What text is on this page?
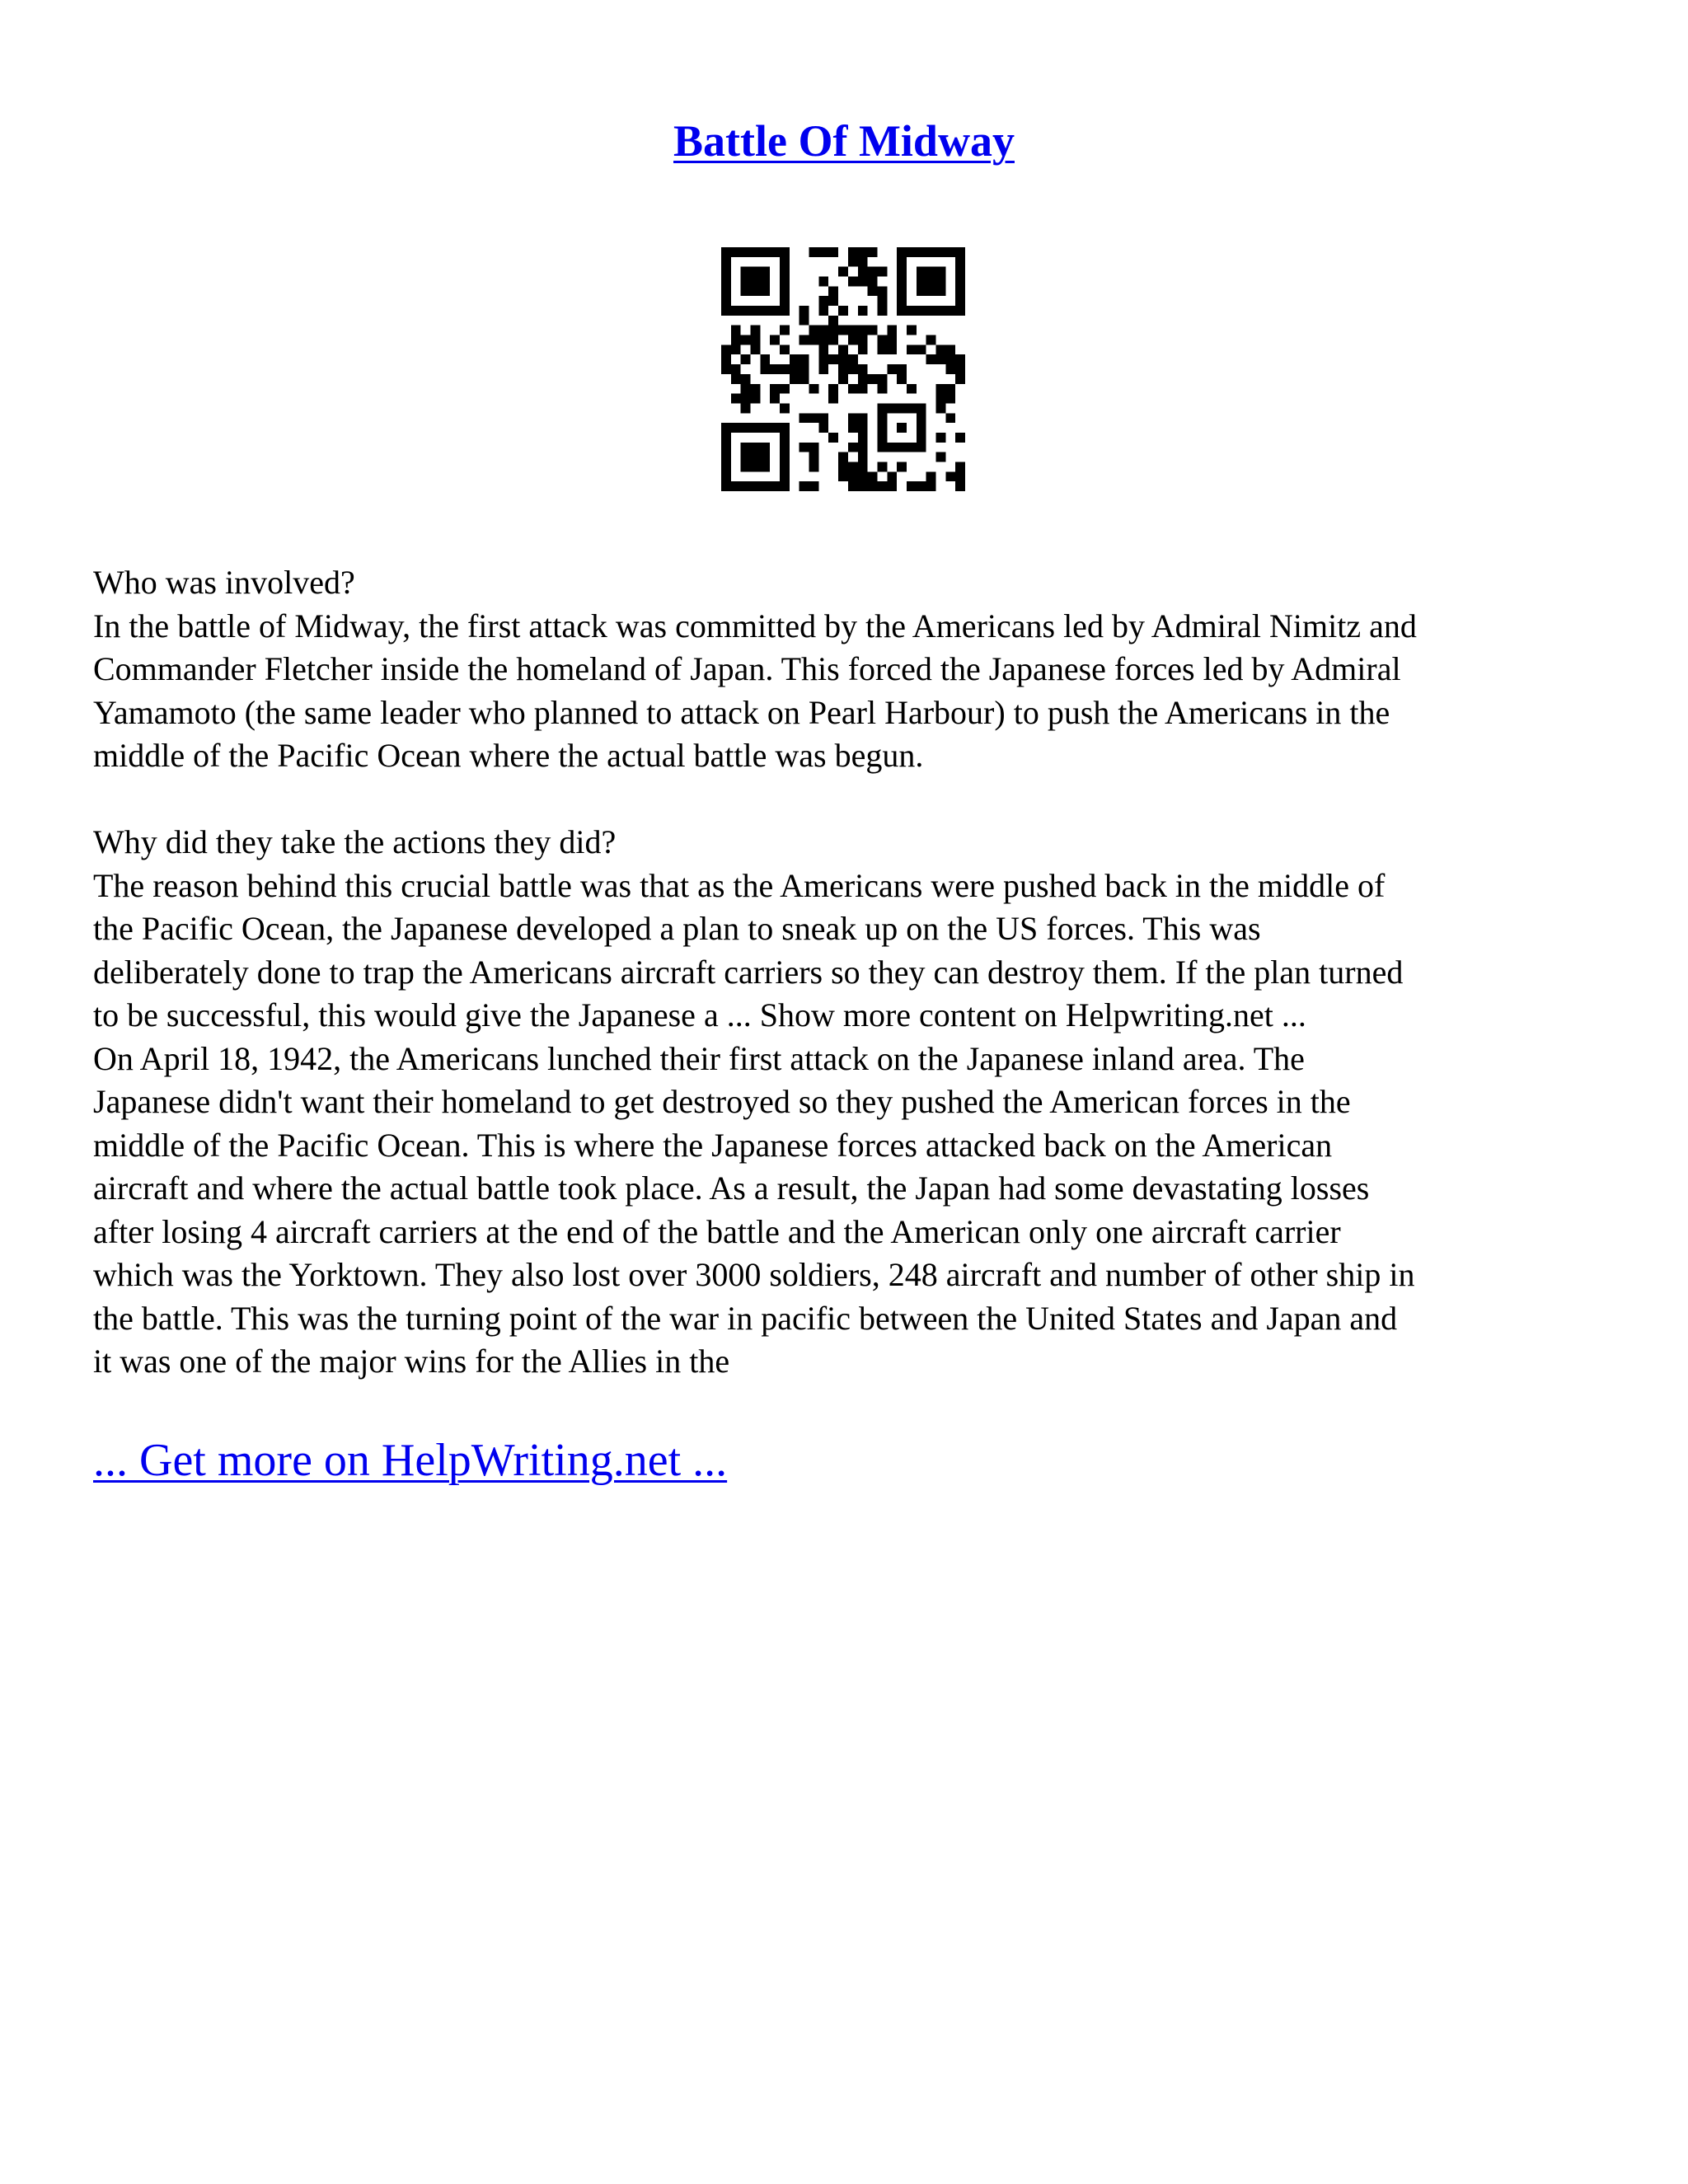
Battle Of Midway
Who was involved?
In the battle of Midway, the first attack was committed by the Americans led by Admiral Nimitz and
Commander Fletcher inside the homeland of Japan. This forced the Japanese forces led by Admiral
Yamamoto (the same leader who planned to attack on Pearl Harbour) to push the Americans in the
middle of the Pacific Ocean where the actual battle was begun.
Why did they take the actions they did?
The reason behind this crucial battle was that as the Americans were pushed back in the middle of
the Pacific Ocean, the Japanese developed a plan to sneak up on the US forces. This was
deliberately done to trap the Americans aircraft carriers so they can destroy them. If the plan turned
to be successful, this would give the Japanese a ... Show more content on Helpwriting.net ...
On April 18, 1942, the Americans lunched their first attack on the Japanese inland area. The
Japanese didn't want their homeland to get destroyed so they pushed the American forces in the
middle of the Pacific Ocean. This is where the Japanese forces attacked back on the American
aircraft and where the actual battle took place. As a result, the Japan had some devastating losses
after losing 4 aircraft carriers at the end of the battle and the American only one aircraft carrier
which was the Yorktown. They also lost over 3000 soldiers, 248 aircraft and number of other ship in
the battle. This was the turning point of the war in pacific between the United States and Japan and
it was one of the major wins for the Allies in the
... Get more on HelpWriting.net ...
